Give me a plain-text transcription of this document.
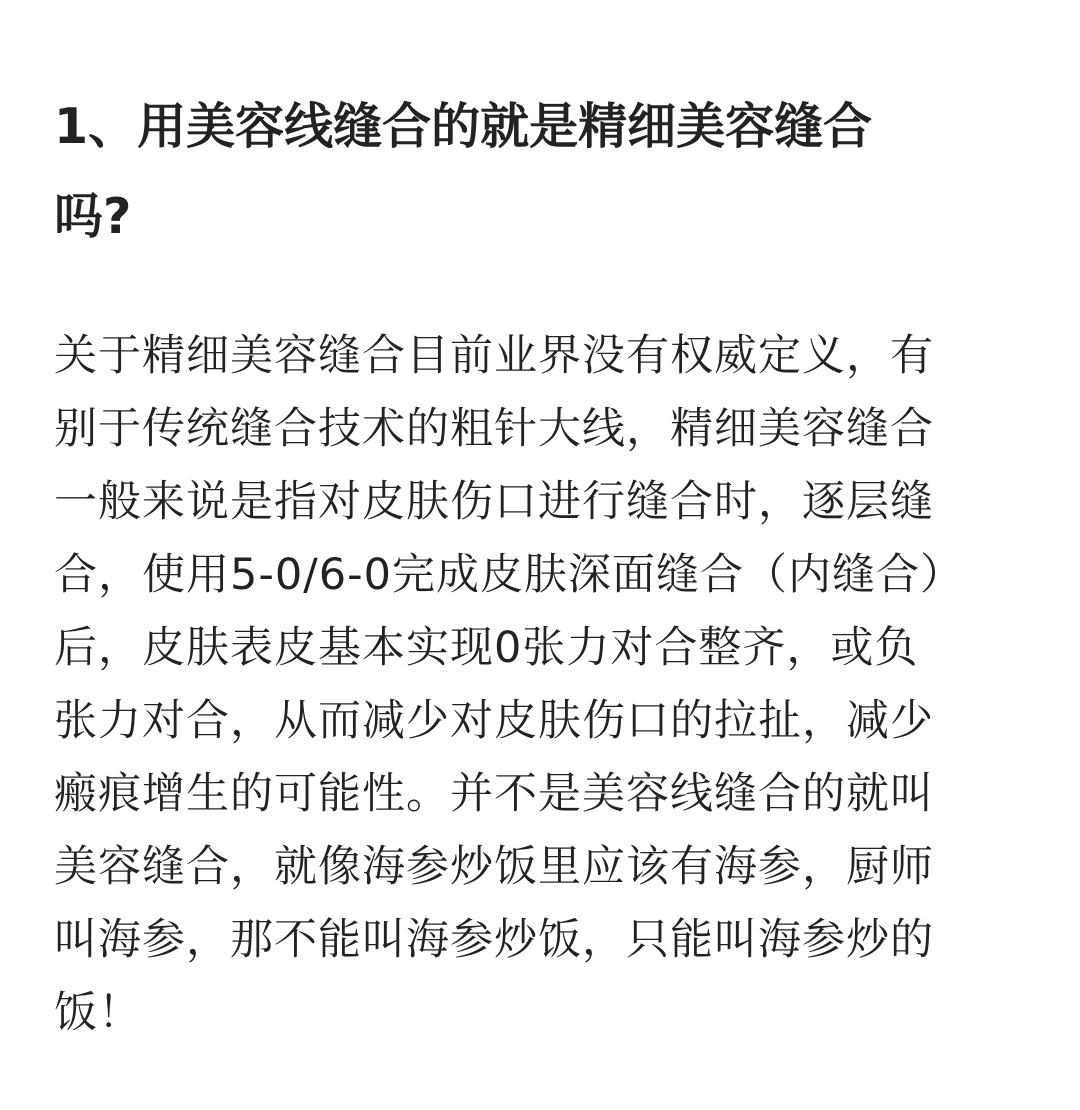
1、用美容线缝合的就是精细美容缝合
吗?
关于精细美容缝合目前业界没有权威定义，有
别于传统缝合技术的粗针大线，精细美容缝合
一般来说是指对皮肤伤口进行缝合时，逐层缝
合，使用5-0/6-0完成皮肤深面缝合（内缝合）
后，皮肤表皮基本实现0张力对合整齐，或负
张力对合，从而减少对皮肤伤口的拉扯，减少
瘢痕增生的可能性。并不是美容线缝合的就叫
美容缝合，就像海参炒饭里应该有海参，厨师
叫海参，那不能叫海参炒饭，只能叫海参炒的
饭！
